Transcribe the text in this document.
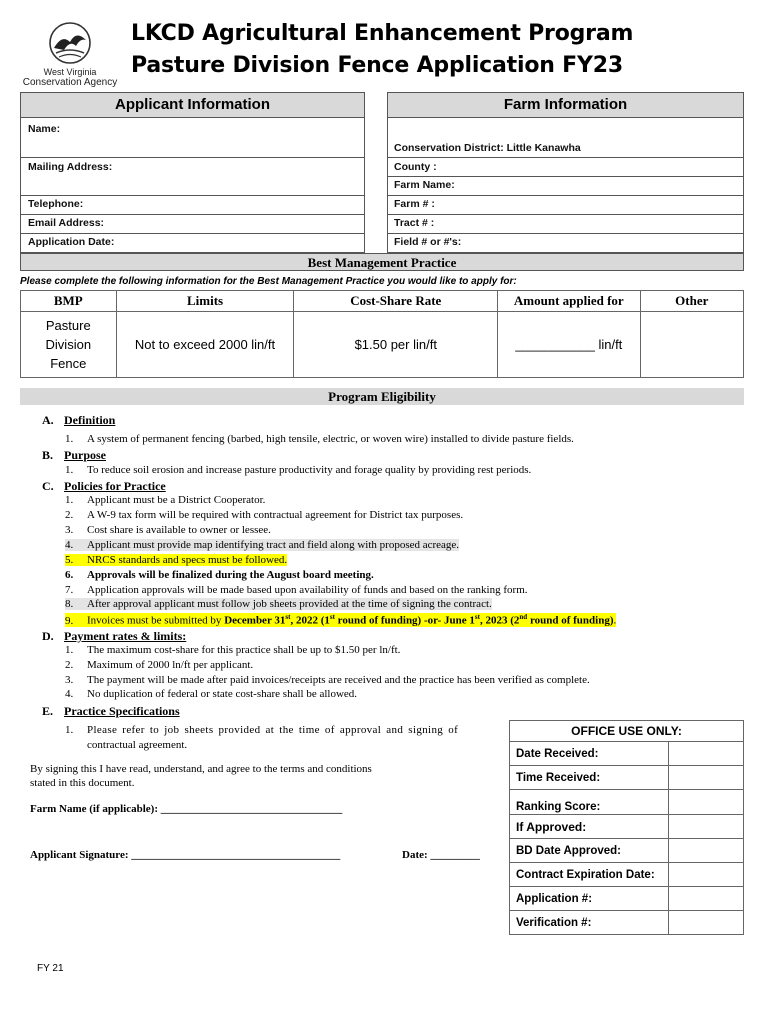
West Virginia
Conservation Agency
LKCD Agricultural Enhancement Program
Pasture Division Fence Application FY23
Applicant Information
Name:
Mailing Address:
Telephone:
Email Address:
Application Date:
Farm Information
Conservation District: Little Kanawha
County :
Farm Name:
Farm # :
Tract # :
Field # or #'s:
Best Management Practice
Please complete the following information for the Best Management Practice you would like to apply for:
BMP	Limits	Cost-Share Rate	Amount applied for	Other

Pasture
Division
Fence	Not to exceed 2000 lin/ft	$1.50 per lin/ft	___________ lin/ft	
Program Eligibility
A. Definition
1. A system of permanent fencing (barbed, high tensile, electric, or woven wire) installed to divide pasture fields.
B. Purpose
1. To reduce soil erosion and increase pasture productivity and forage quality by providing rest periods.
C. Policies for Practice
1. Applicant must be a District Cooperator.
2. A W-9 tax form will be required with contractual agreement for District tax purposes.
3. Cost share is available to owner or lessee.
4. Applicant must provide map identifying tract and field along with proposed acreage.
5. NRCS standards and specs must be followed.
6. Approvals will be finalized during the August board meeting.
7. Application approvals will be made based upon availability of funds and based on the ranking form.
8. After approval applicant must follow job sheets provided at the time of signing the contract.
9. Invoices must be submitted by December 31st, 2022 (1st round of funding) -or- June 1st, 2023 (2nd round of funding).
D. Payment rates & limits:
1. The maximum cost-share for this practice shall be up to $1.50 per ln/ft.
2. Maximum of 2000 ln/ft per applicant.
3. The payment will be made after paid invoices/receipts are received and the practice has been verified as complete.
4. No duplication of federal or state cost-share shall be allowed.
E. Practice Specifications
1. Please refer to job sheets provided at the time of approval and signing of
contractual agreement.
By signing this I have read, understand, and agree to the terms and conditions
stated in this document.
Farm Name (if applicable): _________________________________
Applicant Signature: ______________________________________	Date: _________
OFFICE USE ONLY:	
Date Received:	
Time Received:	
Ranking Score:	
If Approved:	
BD Date Approved:	
Contract Expiration Date:	
Application #:	
Verification #:	
FY 21
